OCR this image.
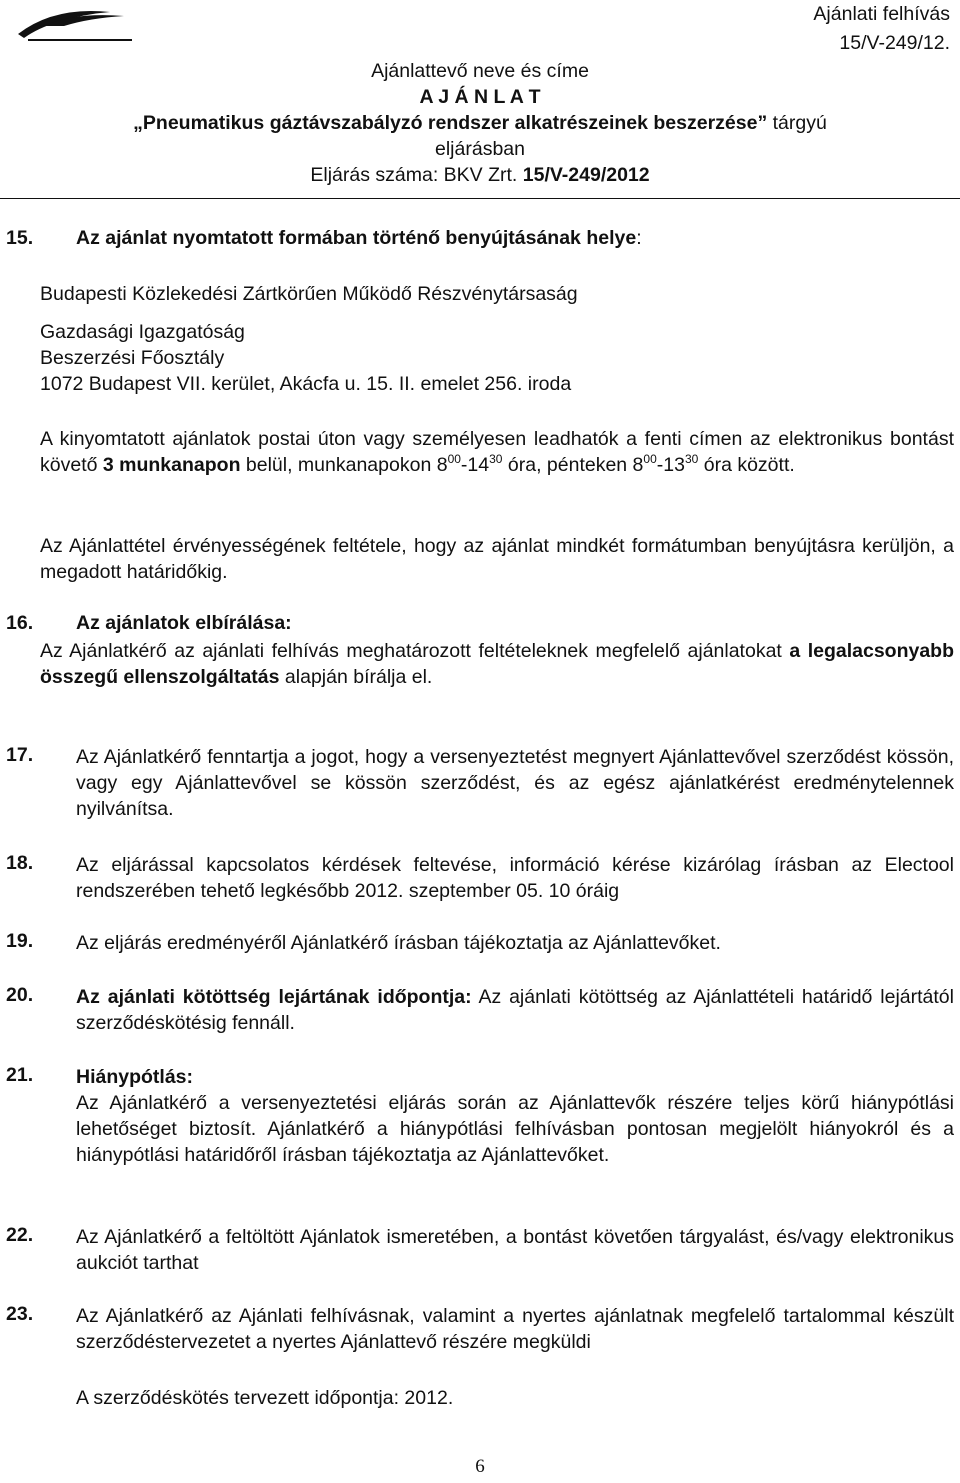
BKV ZRT
Ajánlati felhívás
15/V-249/12.
Ajánlattevő neve és címe
A J Á N L A T
„Pneumatikus gáztávszabályzó rendszer alkatrészeinek beszerzése” tárgyú
eljárásban
Eljárás száma: BKV Zrt. 15/V-249/2012
15. Az ajánlat nyomtatott formában történő benyújtásának helye:
Budapesti Közlekedési Zártkörűen Működő Részvénytársaság
Gazdasági Igazgatóság
Beszerzési Főosztály
1072 Budapest VII. kerület, Akácfa u. 15. II. emelet 256. iroda
A kinyomtatott ajánlatok postai úton vagy személyesen leadhatók a fenti címen az elektronikus bontást követő 3 munkanapon belül, munkanapokon $8^{00}-14^{30}$ óra, pénteken $8^{00}-13^{30}$ óra között.
Az Ajánlattétel érvényességének feltétele, hogy az ajánlat mindkét formátumban benyújtásra kerüljön, a megadott határidőkig.
16. Az ajánlatok elbírálása:
Az Ajánlatkérő az ajánlati felhívás meghatározott feltételeknek megfelelő ajánlatokat a legalacsonyabb összegű ellenszolgáltatás alapján bírálja el.
17. Az Ajánlatkérő fenntartja a jogot, hogy a versenyeztetést megnyert Ajánlattevővel szerződést kössön, vagy egy Ajánlattevővel se kössön szerződést, és az egész ajánlatkérést eredménytelennek nyilvánítsa.
18. Az eljárással kapcsolatos kérdések feltevése, információ kérése kizárólag írásban az Electool rendszerében tehető legkésőbb 2012. szeptember 05. 10 óráig
19. Az eljárás eredményéről Ajánlatkérő írásban tájékoztatja az Ajánlattevőket.
20. Az ajánlati kötöttség lejártának időpontja: Az ajánlati kötöttség az Ajánlattételi határidő lejártától szerződéskötésig fennáll.
21. Hiánypótlás:
Az Ajánlatkérő a versenyeztetési eljárás során az Ajánlattevők részére teljes körű hiánypótlási lehetőséget biztosít. Ajánlatkérő a hiánypótlási felhívásban pontosan megjelölt hiányokról és a hiánypótlási határidőről írásban tájékoztatja az Ajánlattevőket.
22. Az Ajánlatkérő a feltöltött Ajánlatok ismeretében, a bontást követően tárgyalást, és/vagy elektronikus aukciót tarthat
23. Az Ajánlatkérő az Ajánlati felhívásnak, valamint a nyertes ajánlatnak megfelelő tartalommal készült szerződéstervezetet a nyertes Ajánlattevő részére megküldi
A szerződéskötés tervezett időpontja: 2012.
6
